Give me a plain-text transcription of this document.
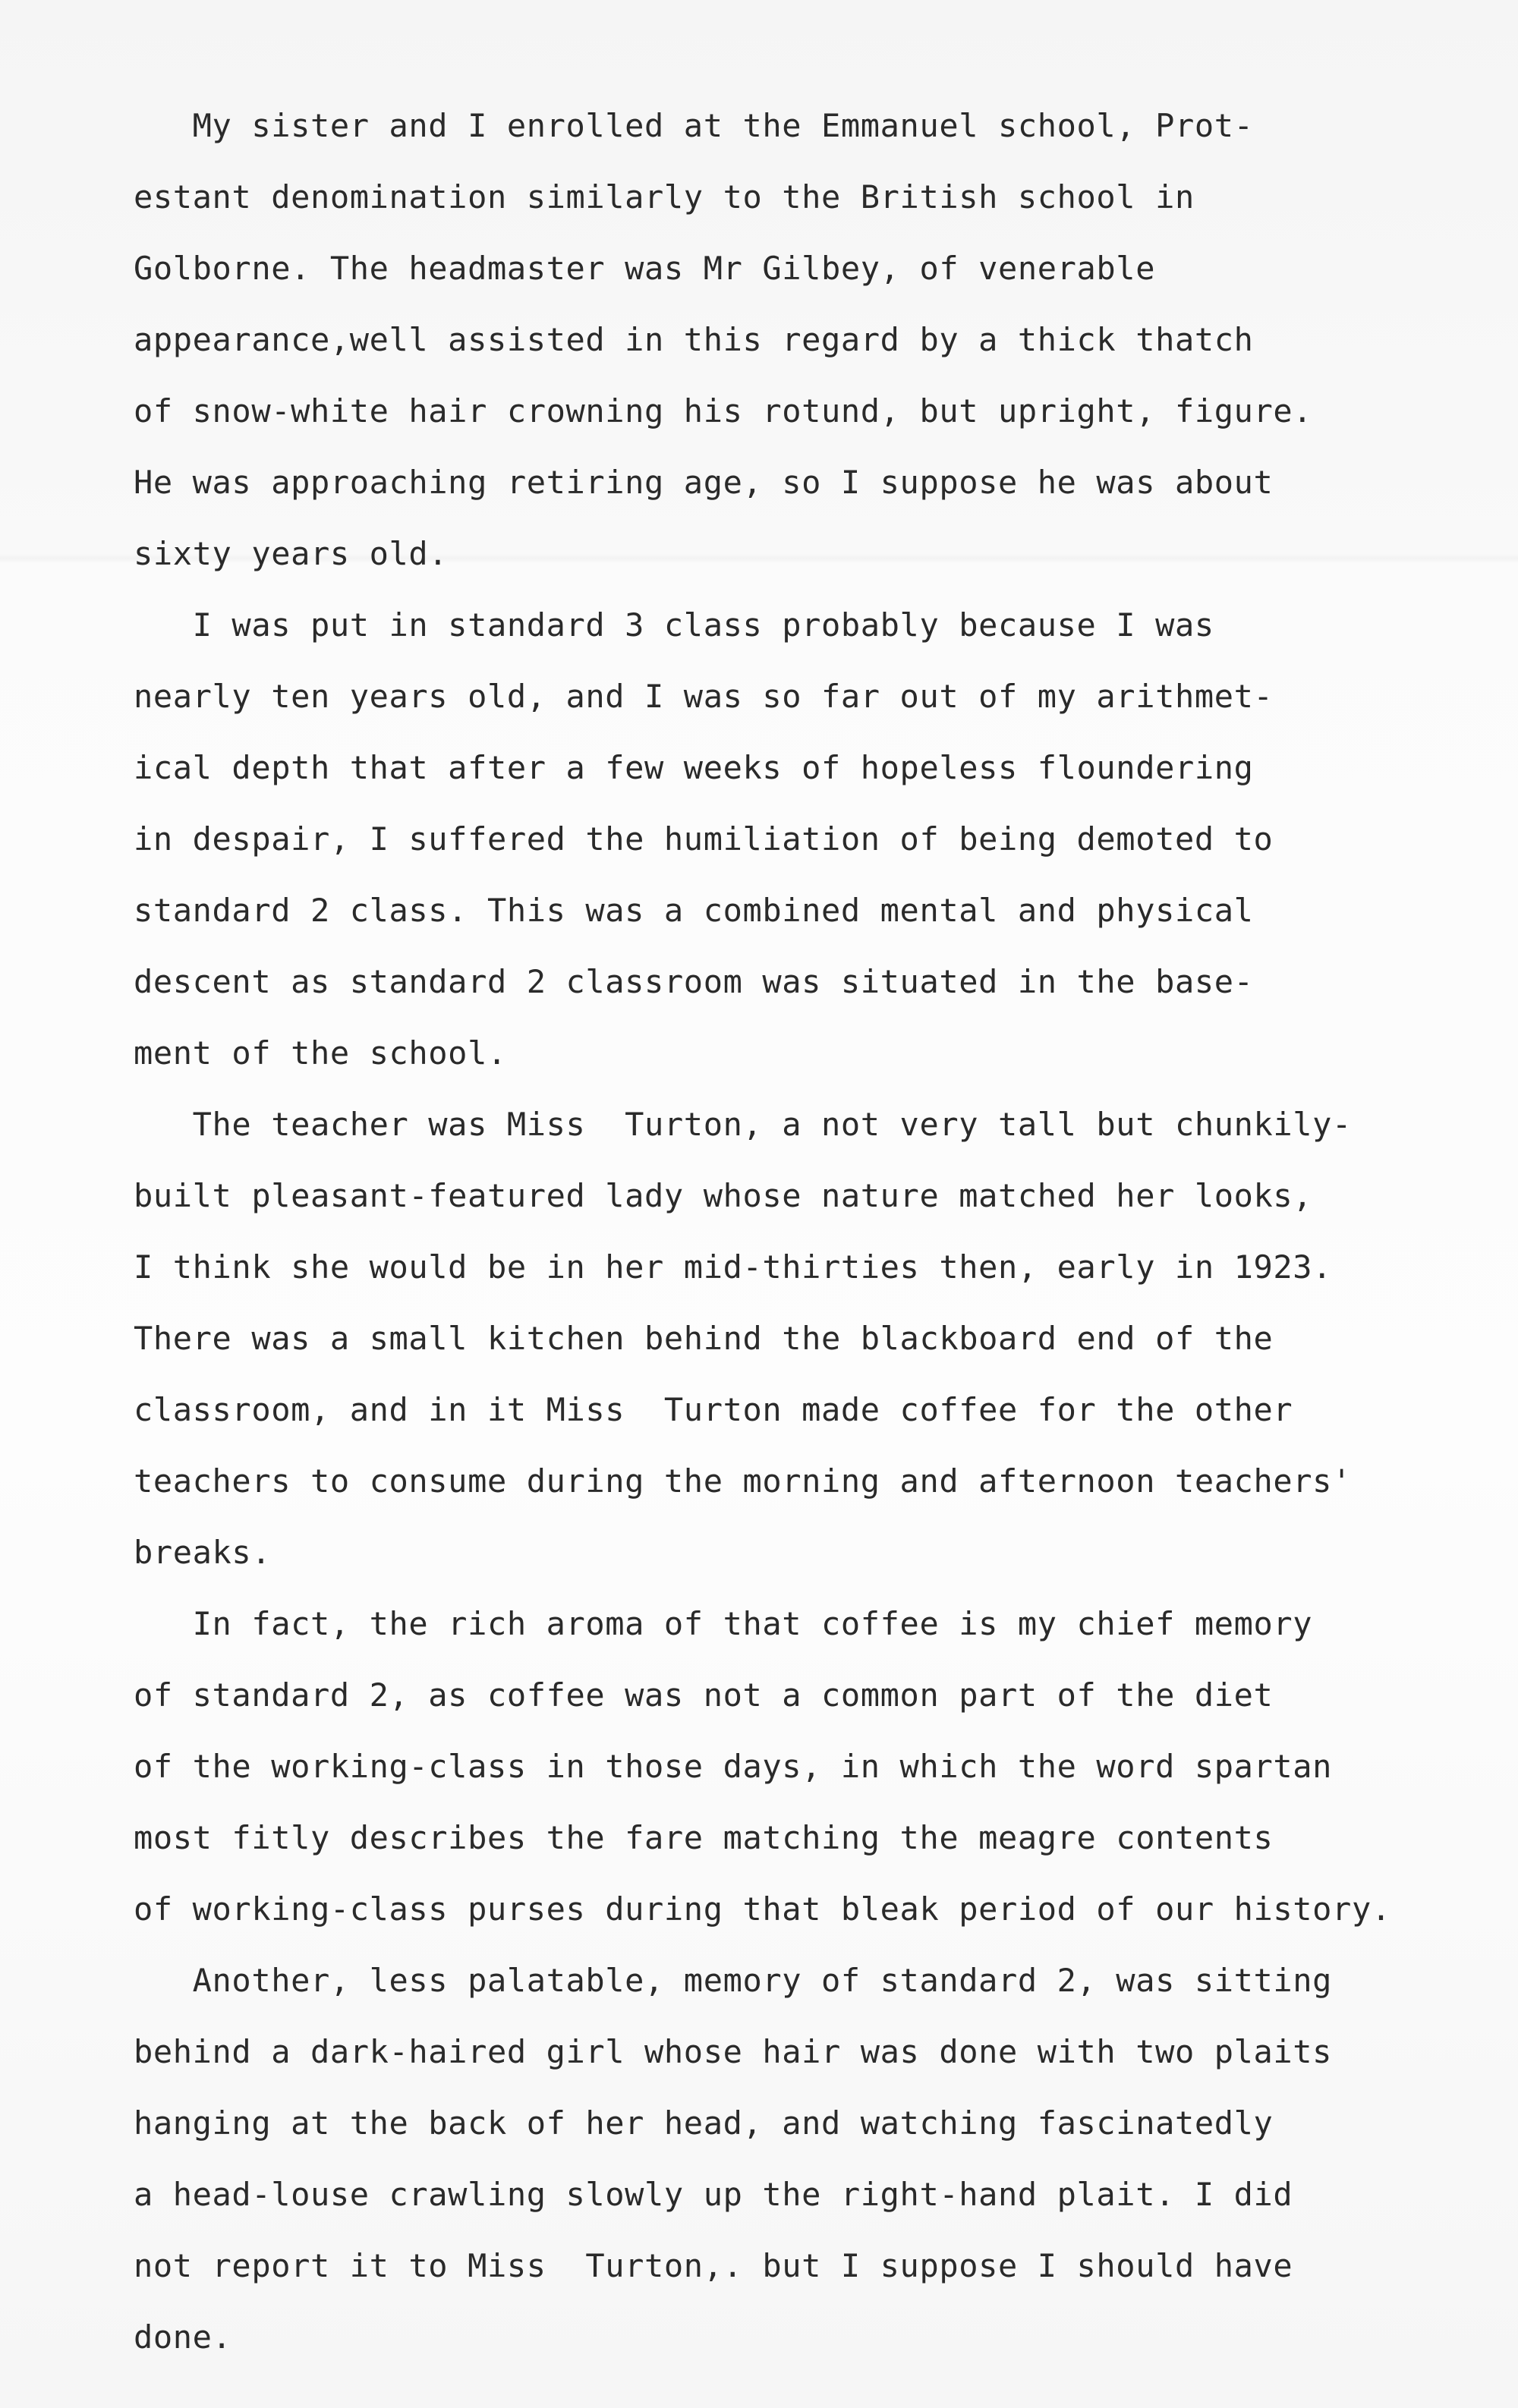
My sister and I enrolled at the Emmanuel school, Prot-
estant denomination similarly to the British school in
Golborne. The headmaster was Mr Gilbey, of venerable
appearance,well assisted in this regard by a thick thatch
of snow-white hair crowning his rotund, but upright, figure.
He was approaching retiring age, so I suppose he was about
sixty years old.
I was put in standard 3 class probably because I was
nearly ten years old, and I was so far out of my arithmet-
ical depth that after a few weeks of hopeless floundering
in despair, I suffered the humiliation of being demoted to
standard 2 class. This was a combined mental and physical
descent as standard 2 classroom was situated in the base-
ment of the school.
The teacher was Miss  Turton, a not very tall but chunkily-
built pleasant-featured lady whose nature matched her looks,
I think she would be in her mid-thirties then, early in 1923.
There was a small kitchen behind the blackboard end of the
classroom, and in it Miss  Turton made coffee for the other
teachers to consume during the morning and afternoon teachers'
breaks.
In fact, the rich aroma of that coffee is my chief memory
of standard 2, as coffee was not a common part of the diet
of the working-class in those days, in which the word spartan
most fitly describes the fare matching the meagre contents
of working-class purses during that bleak period of our history.
Another, less palatable, memory of standard 2, was sitting
behind a dark-haired girl whose hair was done with two plaits
hanging at the back of her head, and watching fascinatedly
a head-louse crawling slowly up the right-hand plait. I did
not report it to Miss  Turton,. but I suppose I should have
done.
